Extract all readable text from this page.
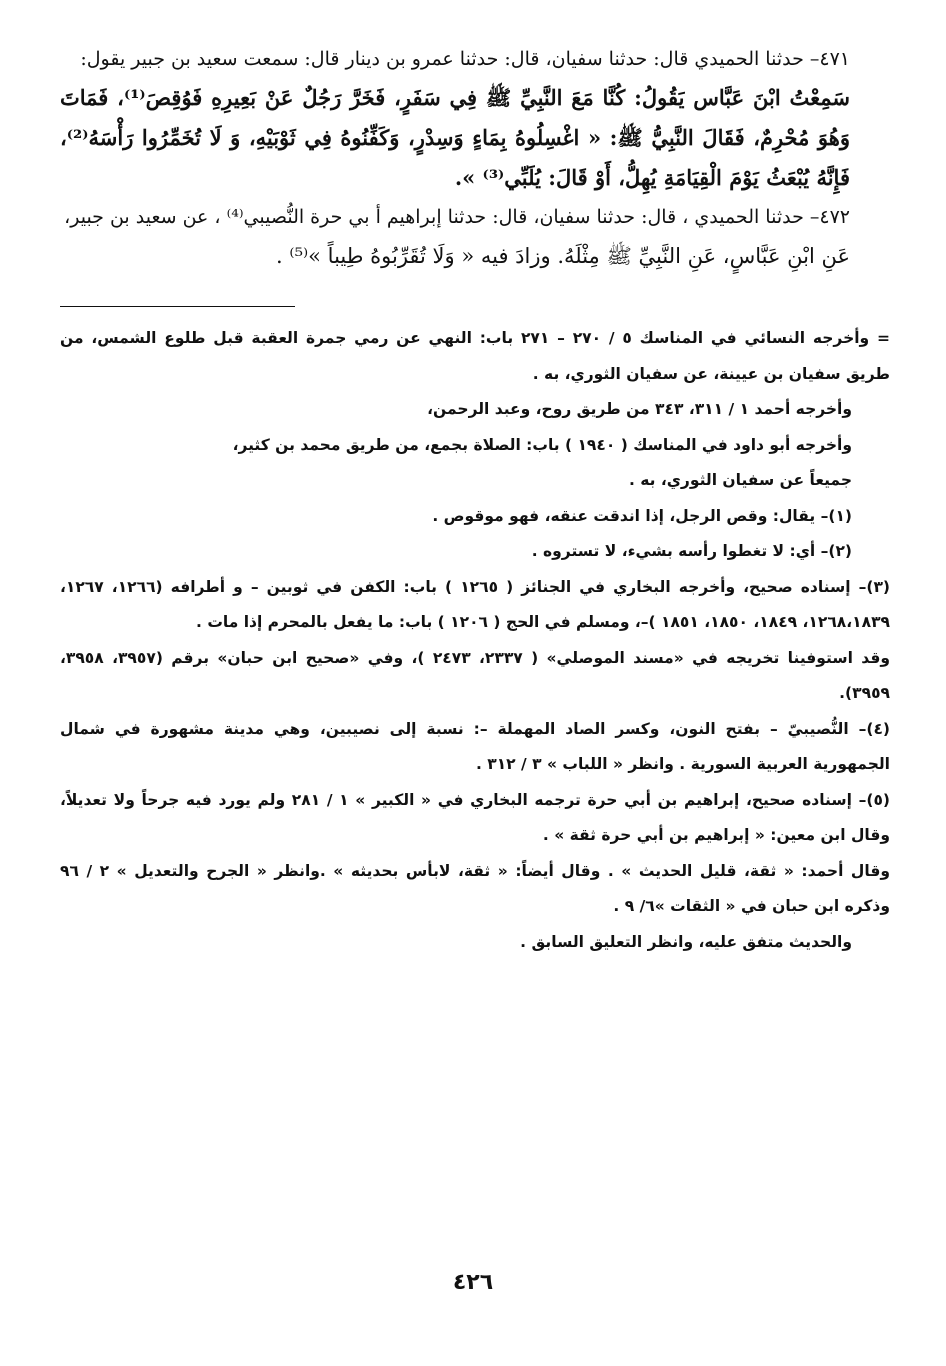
٤٧١– حدثنا الحميدي قال: حدثنا سفيان، قال: حدثنا عمرو بن دينار قال: سمعت سعيد بن جبير يقول:

سَمِعْتُ ابْنَ عَبَّاس يَقُولُ: كُنَّا مَعَ النَّبِيِّ ﷺ فِي سَفَرٍ، فَخَرَّ رَجُلٌ عَنْ بَعِيرِهِ فَوُقِصَ⁽¹⁾، فَمَاتَ وَهُوَ مُحْرِمٌ، فَقَالَ النَّبِيُّ ﷺ: « اغْسِلُوهُ بِمَاءٍ وَسِدْرٍ، وَكَفِّنُوهُ فِي ثَوْبَيْهِ، وَ لَا تُخَمِّرُوا رَأْسَهُ⁽²⁾، فَإِنَّهُ يُبْعَثُ يَوْمَ الْقِيَامَةِ يُهِلُّ، أَوْ قَالَ: يُلَبِّي⁽³⁾ ».

٤٧٢– حدثنا الحميدي ، قال: حدثنا سفيان، قال: حدثنا إبراهيم أ بي حرة النُّصيبي⁽⁴⁾ ، عن سعيد بن جبير،

عَنِ ابْنِ عَبَّاسٍ، عَنِ النَّبِيِّ ﷺ مِثْلَهُ. وزادَ فيه « وَلَا تُقَرِّبُوهُ طِيباً »⁽⁵⁾ .

= وأخرجه النسائي في المناسك ٥ / ٢٧٠ – ٢٧١ باب: النهي عن رمي جمرة العقبة قبل طلوع الشمس، من طريق سفيان بن عيينة، عن سفيان الثوري، به .

وأخرجه أحمد ١ / ٣١١، ٣٤٣ من طريق روح، وعبد الرحمن،

وأخرجه أبو داود في المناسك ( ١٩٤٠ ) باب: الصلاة بجمع، من طريق محمد بن كثير،

جميعاً عن سفيان الثوري، به .

(١)– يقال: وقص الرجل، إذا اندقت عنقه، فهو موقوص .

(٢)– أي: لا تغطوا رأسه بشيء، لا تستروه .

(٣)– إسناده صحيح، وأخرجه البخاري في الجنائز ( ١٢٦٥ ) باب: الكفن في ثوبين – و أطرافه (١٢٦٦، ١٢٦٧، ١٢٦٨،١٨٣٩، ١٨٤٩، ١٨٥٠، ١٨٥١ )–، ومسلم في الحج ( ١٢٠٦ ) باب: ما يفعل بالمحرم إذا مات .

وقد استوفينا تخريجه في «مسند الموصلي» ( ٢٣٣٧، ٢٤٧٣ )، وفي «صحيح ابن حبان» برقم (٣٩٥٧، ٣٩٥٨، ٣٩٥٩).

(٤)– النُّصيبيّ – بفتح النون، وكسر الصاد المهملة –: نسبة إلى نصيبين، وهي مدينة مشهورة في شمال الجمهورية العربية السورية . وانظر « اللباب » ٣ / ٣١٢ .

(٥)– إسناده صحيح، إبراهيم بن أبي حرة ترجمه البخاري في « الكبير » ١ / ٢٨١ ولم يورد فيه جرحاً ولا تعديلاً، وقال ابن معين: « إبراهيم بن أبي حرة ثقة » .

وقال أحمد: « ثقة، قليل الحديث » . وقال أيضاً: « ثقة، لابأس بحديثه » .وانظر « الجرح والتعديل » ٢ / ٩٦ وذكره ابن حبان في « الثقات »٦/ ٩ .

والحديث متفق عليه، وانظر التعليق السابق .

٤٢٦
